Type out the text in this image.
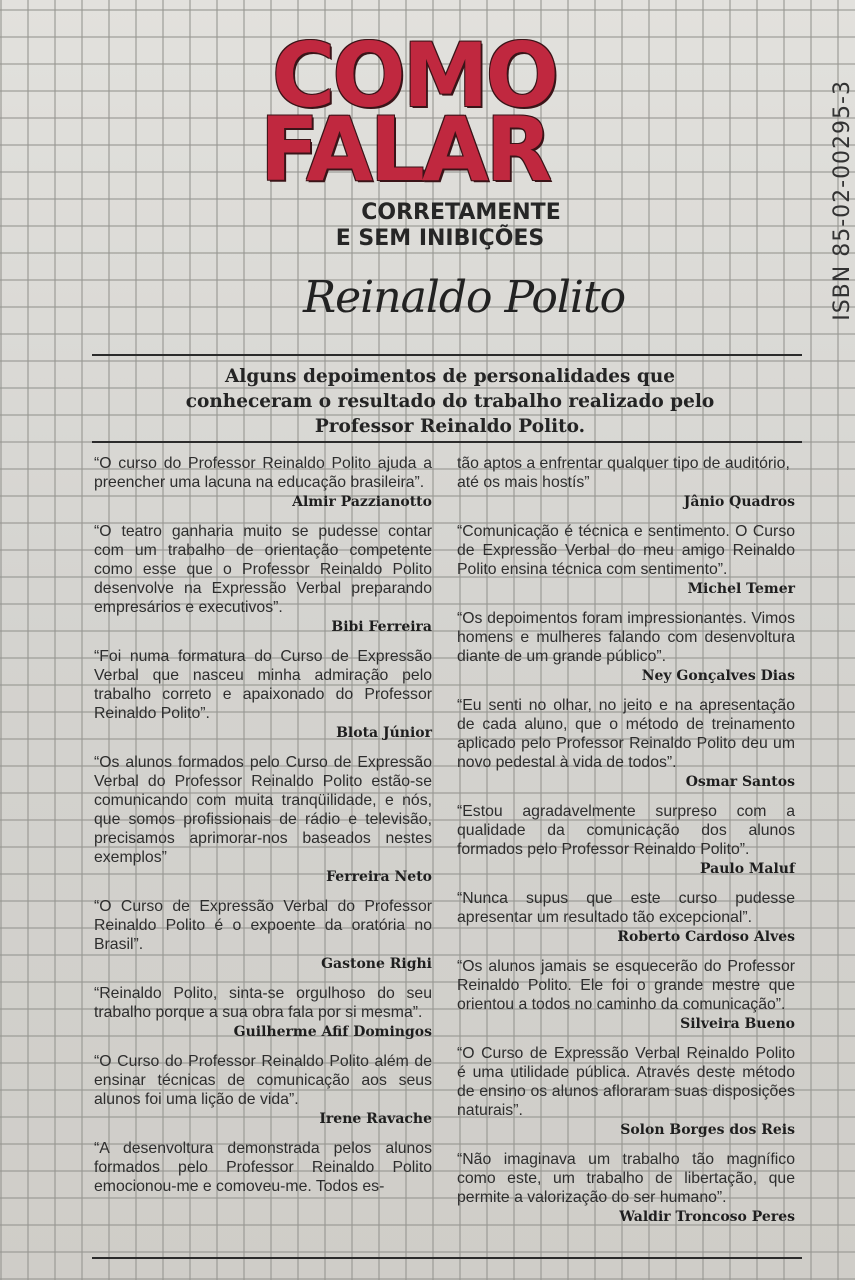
COMO
FALAR

CORRETAMENTE

E SEM INIBIÇÕES

Reinaldo Polito	ISBN 85-02-00295-3

Alguns depoimentos de personalidades que conheceram o resultado do trabalho realizado pelo Professor Reinaldo Polito.

“O curso do Professor Reinaldo Polito ajuda a preencher uma lacuna na educação brasileira”.

Almir Pazzianotto

“O teatro ganharia muito se pudesse contar com um trabalho de orientação competente como esse que o Professor Reinaldo Polito desenvolve na Expressão Verbal preparando empresários e executivos”.

Bibi Ferreira

“Foi numa formatura do Curso de Expressão Verbal que nasceu minha admiração pelo trabalho correto e apaixonado do Professor Reinaldo Polito”.

Blota Júnior

“Os alunos formados pelo Curso de Expressão Verbal do Professor Reinaldo Polito estão-se comunicando com muita tranqüilidade, e nós, que somos profissionais de rádio e televisão, precisamos aprimorar-nos baseados nestes exemplos”

Ferreira Neto

“O Curso de Expressão Verbal do Professor Reinaldo Polito é o expoente da oratória no Brasil”.

Gastone Righi

“Reinaldo Polito, sinta-se orgulhoso do seu trabalho porque a sua obra fala por si mesma”.

Guilherme Afif Domingos

“O Curso do Professor Reinaldo Polito além de ensinar técnicas de comunicação aos seus alunos foi uma lição de vida”.

Irene Ravache

“A desenvoltura demonstrada pelos alunos formados pelo Professor Reinaldo Polito emocionou-me e comoveu-me. Todos es-

tão aptos a enfrentar qualquer tipo de auditório, até os mais hostís”

Jânio Quadros

“Comunicação é técnica e sentimento. O Curso de Expressão Verbal do meu amigo Reinaldo Polito ensina técnica com sentimento”.

Michel Temer

“Os depoimentos foram impressionantes. Vimos homens e mulheres falando com desenvoltura diante de um grande público”.

Ney Gonçalves Dias

“Eu senti no olhar, no jeito e na apresentação de cada aluno, que o método de treinamento aplicado pelo Professor Reinaldo Polito deu um novo pedestal à vida de todos”.

Osmar Santos

“Estou agradavelmente surpreso com a qualidade da comunicação dos alunos formados pelo Professor Reinaldo Polito”.

Paulo Maluf

“Nunca supus que este curso pudesse apresentar um resultado tão excepcional”.

Roberto Cardoso Alves

“Os alunos jamais se esquecerão do Professor Reinaldo Polito. Ele foi o grande mestre que orientou a todos no caminho da comunicação”.

Silveira Bueno

“O Curso de Expressão Verbal Reinaldo Polito é uma utilidade pública. Através deste método de ensino os alunos afloraram suas disposições naturais”.

Solon Borges dos Reis

“Não imaginava um trabalho tão magnífico como este, um trabalho de libertação, que permite a valorização do ser humano”.

Waldir Troncoso Peres
